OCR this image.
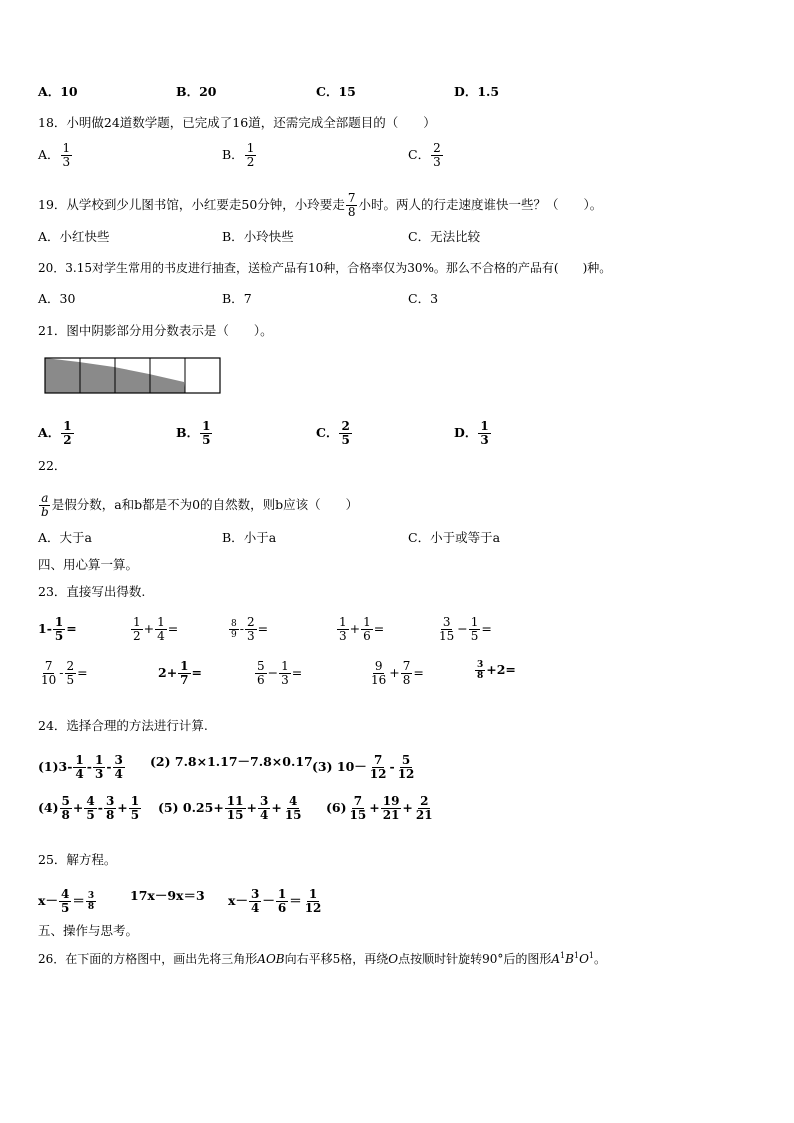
A．10	B．20	C．15	D．1.5
18．小明做24道数学题，已完成了16道，还需完成全部题目的（　　）
A． $\frac{1}{3}$	B． $\frac{1}{2}$	C． $\frac{2}{3}$
19．从学校到少儿图书馆，小红要走50分钟，小玲要走 $\frac{7}{8}$ 小时。两人的行走速度谁快一些？（　　）。
A．小红快些	B．小玲快些	C．无法比较
20．3.15对学生常用的书皮进行抽查，送检产品有10种，合格率仅为30%。那么不合格的产品有(　　)种。
A．30	B．7	C．3
21．图中阴影部分用分数表示是（　　）。
A． $\frac{1}{2}$	B． $\frac{1}{5}$	C． $\frac{2}{5}$	D． $\frac{1}{3}$
22．
$\frac{a}{b}$ 是假分数，a和b都是不为0的自然数，则b应该（　　）
A．大于a	B．小于a	C．小于或等于a
四、用心算一算。
23．直接写出得数.
$1- \frac{1}{5}$ =	$\frac{1}{2} + \frac{1}{4}$ =	$\frac{8}{9} - \frac{2}{3}$ =	$\frac{1}{3} + \frac{1}{6}$ =	$\frac{3}{15} - \frac{1}{5}$ =
$\frac{7}{10} - \frac{2}{5}$ =	$2+ \frac{1}{7}$ =	$\frac{5}{6} - \frac{1}{3}$ =	$\frac{9}{16} + \frac{7}{8}$ =	$\frac{3}{8} +2=$
24．选择合理的方法进行计算.
$(1)3- \frac{1}{4} - \frac{1}{3} - \frac{3}{4} (2)$ 7.8×1.17－7.8×0.17 (3) $10- \frac{7}{12} - \frac{5}{12}$
$(4) \frac{5}{8} + \frac{4}{5} - \frac{3}{8} + \frac{1}{5} (5)$ $0.25+ \frac{11}{15} + \frac{3}{4} + \frac{4}{15} (6) \frac{7}{15} + \frac{19}{21} + \frac{2}{21}$
25．解方程。
$x- \frac{4}{5} = \frac{3}{8}$	17x－9x＝3 $x- \frac{3}{4} - \frac{1}{6} = \frac{1}{12}$
五、操作与思考。
26．在下面的方格图中，画出先将三角形AOB向右平移5格，再绕O点按顺时针旋转90°后的图形$A^1B^1O^1$。
